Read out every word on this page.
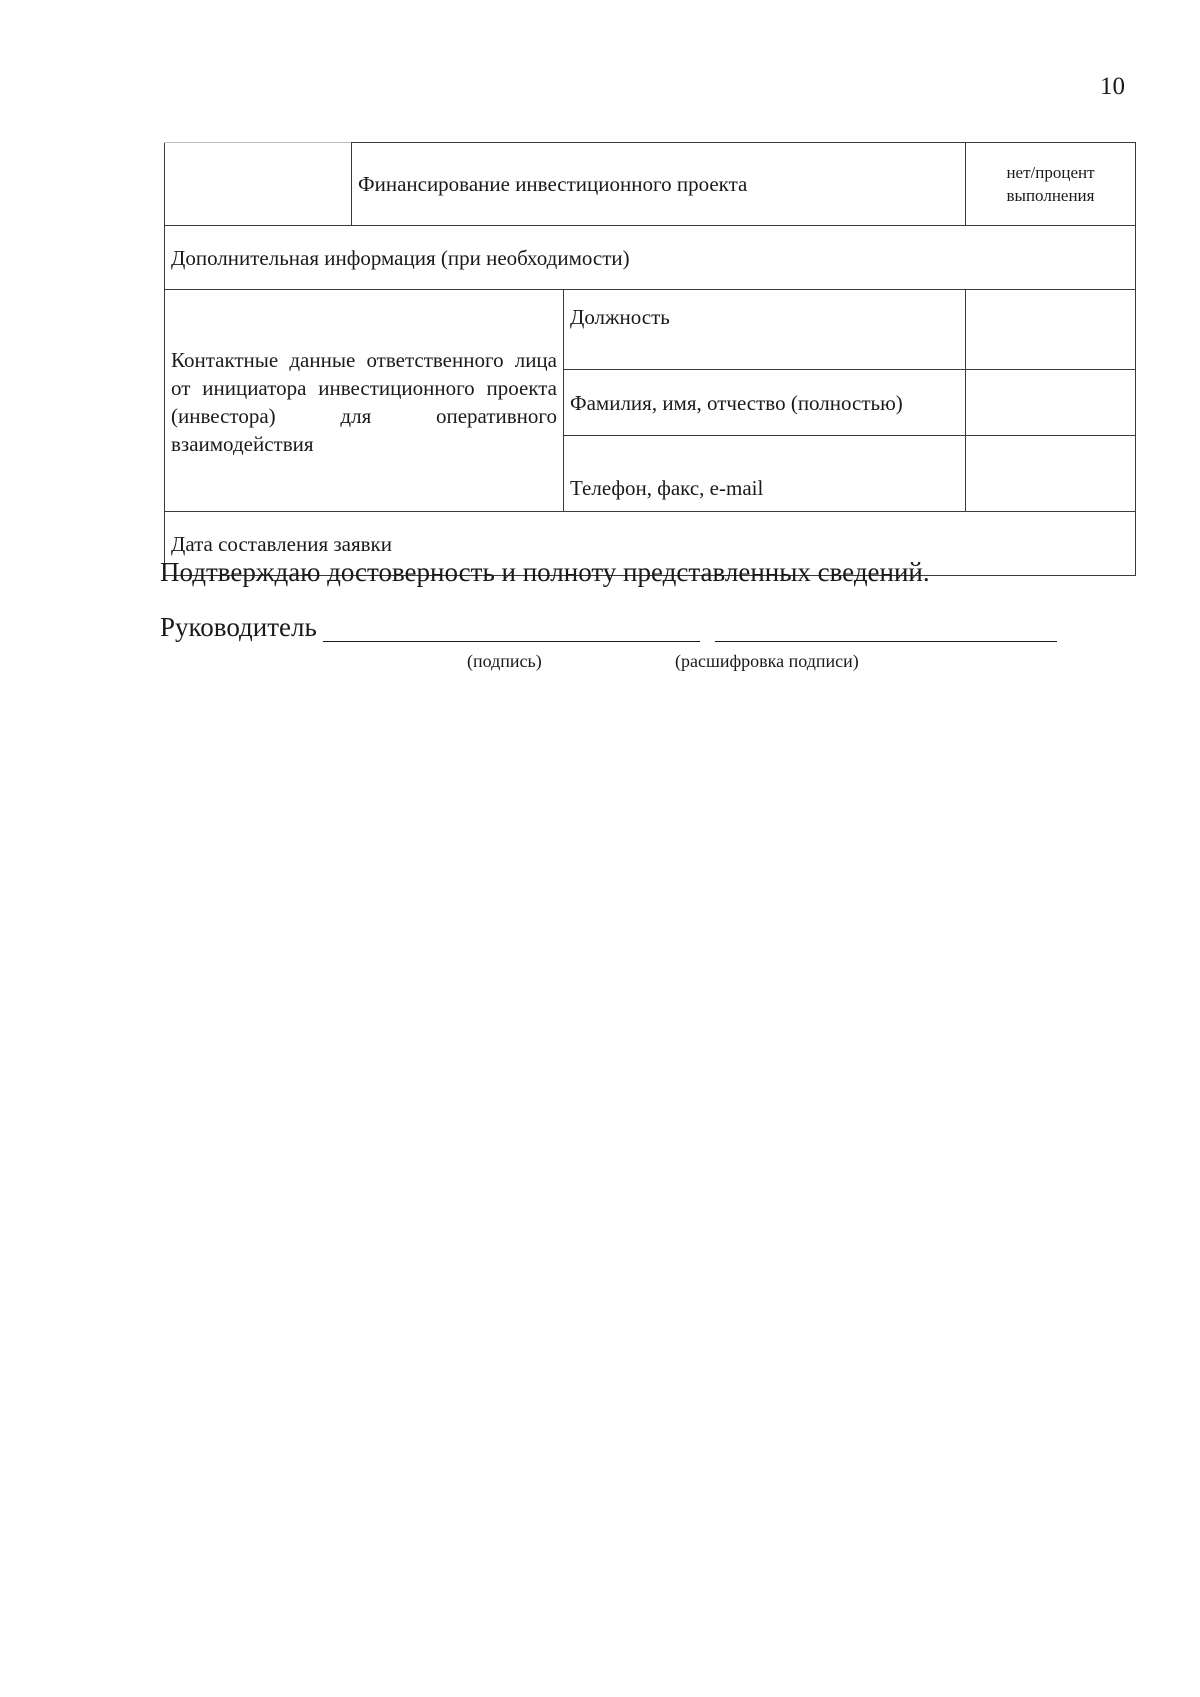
10
	Финансирование инвестиционного проекта		нет/процент выполнения
Дополнительная информация (при необходимости)			
Контактные данные ответственного лица от инициатора инвестиционного проекта (инвестора) для оперативного взаимодействия		Должность	
		Фамилия, имя, отчество (полностью)	
		Телефон, факс, e-mail	
Дата составления заявки			
Подтверждаю достоверность и полноту представленных сведений.
Руководитель
(подпись)	(расшифровка подписи)
